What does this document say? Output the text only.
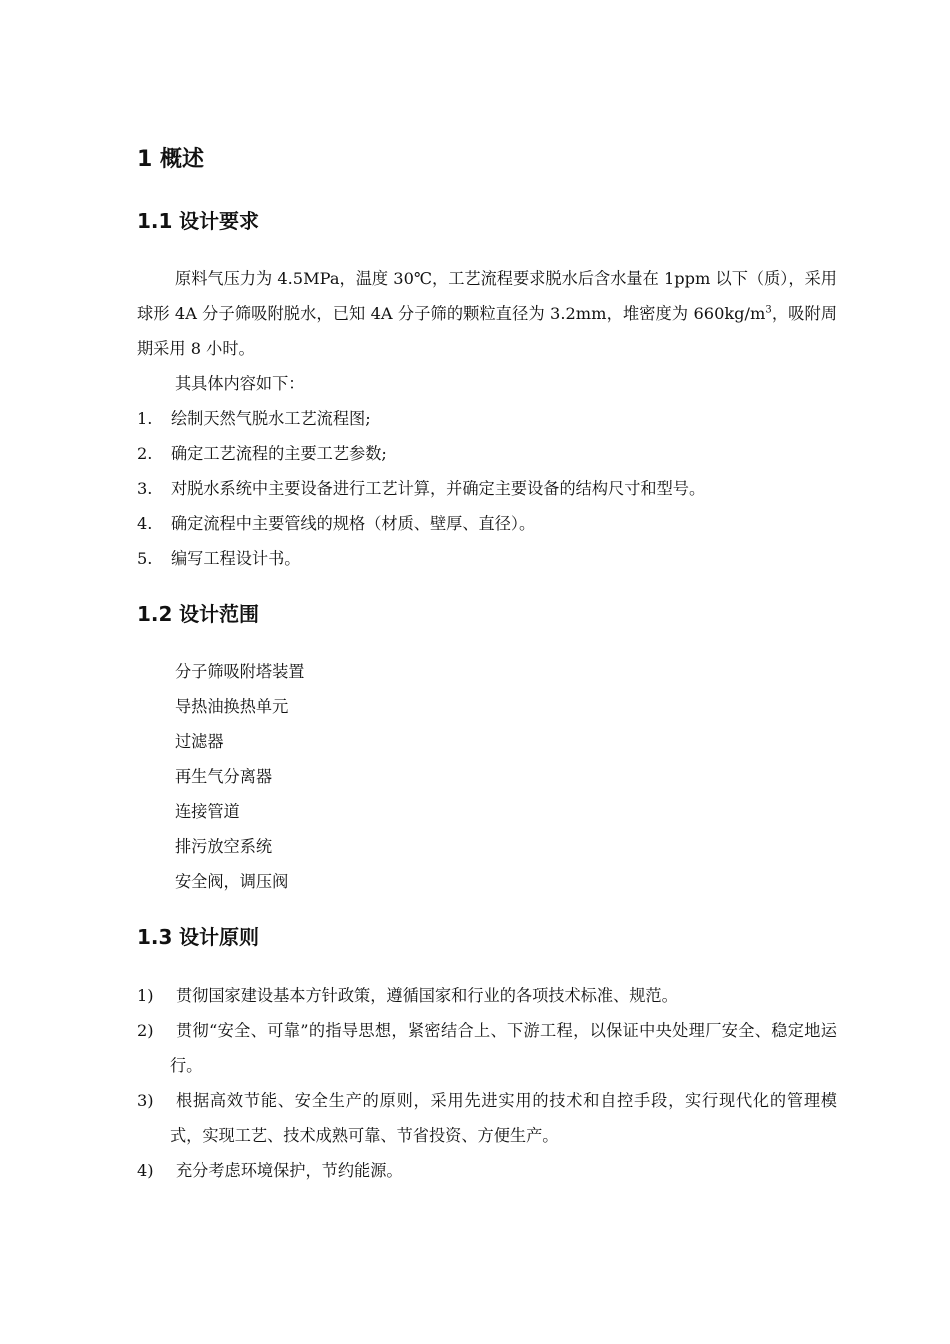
1 概述
1.1 设计要求
原料气压力为 4.5MPa，温度 30℃，工艺流程要求脱水后含水量在 1ppm 以下（质），采用球形 4A 分子筛吸附脱水，已知 4A 分子筛的颗粒直径为 3.2mm，堆密度为 $660kg/m^3$，吸附周期采用 8 小时。
其具体内容如下：
1. 绘制天然气脱水工艺流程图;
2. 确定工艺流程的主要工艺参数;
3. 对脱水系统中主要设备进行工艺计算，并确定主要设备的结构尺寸和型号。
4. 确定流程中主要管线的规格（材质、壁厚、直径）。
5. 编写工程设计书。
1.2 设计范围
分子筛吸附塔装置
导热油换热单元
过滤器
再生气分离器
连接管道
排污放空系统
安全阀，调压阀
1.3 设计原则
1)	贯彻国家建设基本方针政策，遵循国家和行业的各项技术标准、规范。
2)	贯彻“安全、可靠”的指导思想，紧密结合上、下游工程，以保证中央处理厂安全、稳定地运行。
3)	根据高效节能、安全生产的原则，采用先进实用的技术和自控手段，实行现代化的管理模式，实现工艺、技术成熟可靠、节省投资、方便生产。
4)	充分考虑环境保护，节约能源。
